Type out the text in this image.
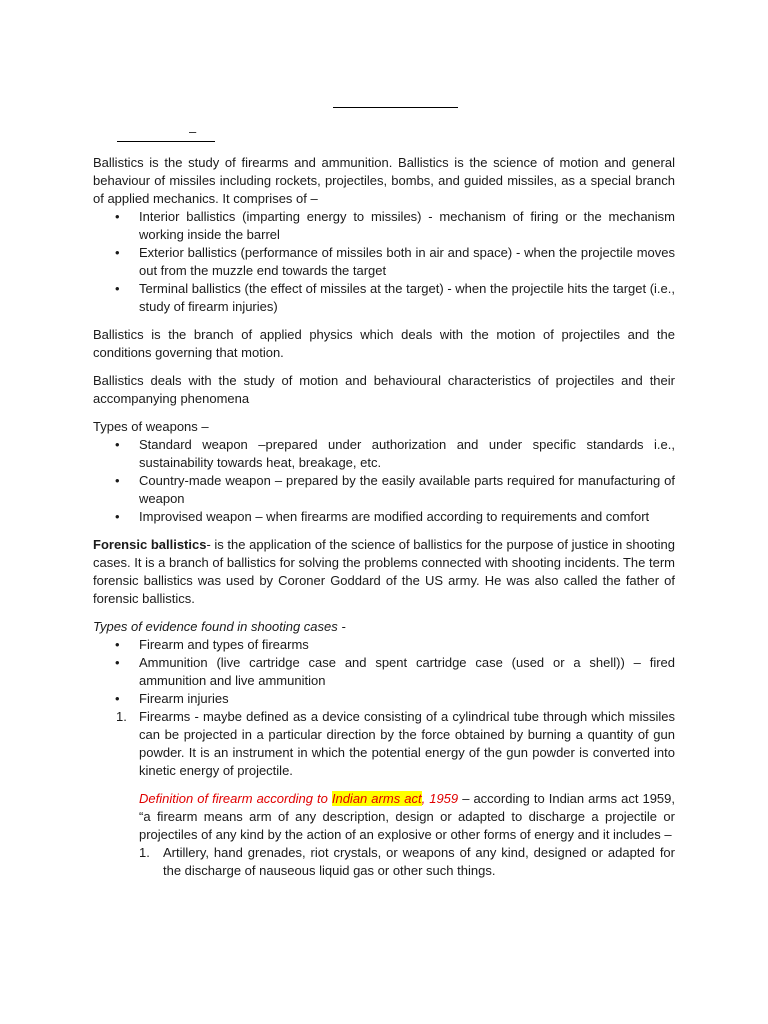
–

Ballistics is the study of firearms and ammunition. Ballistics is the science of motion and general behaviour of missiles including rockets, projectiles, bombs, and guided missiles, as a special branch of applied mechanics. It comprises of –

• Interior ballistics (imparting energy to missiles) - mechanism of firing or the mechanism working inside the barrel
• Exterior ballistics (performance of missiles both in air and space) - when the projectile moves out from the muzzle end towards the target
• Terminal ballistics (the effect of missiles at the target) - when the projectile hits the target (i.e., study of firearm injuries)

Ballistics is the branch of applied physics which deals with the motion of projectiles and the conditions governing that motion.

Ballistics deals with the study of motion and behavioural characteristics of projectiles and their accompanying phenomena

Types of weapons –

• Standard weapon –prepared under authorization and under specific standards i.e., sustainability towards heat, breakage, etc.
• Country-made weapon – prepared by the easily available parts required for manufacturing of weapon
• Improvised weapon – when firearms are modified according to requirements and comfort

Forensic ballistics- is the application of the science of ballistics for the purpose of justice in shooting cases. It is a branch of ballistics for solving the problems connected with shooting incidents. The term forensic ballistics was used by Coroner Goddard of the US army. He was also called the father of forensic ballistics.

Types of evidence found in shooting cases -

• Firearm and types of firearms
• Ammunition (live cartridge case and spent cartridge case (used or a shell)) – fired ammunition and live ammunition
• Firearm injuries
1. Firearms - maybe defined as a device consisting of a cylindrical tube through which missiles can be projected in a particular direction by the force obtained by burning a quantity of gun powder. It is an instrument in which the potential energy of the gun powder is converted into kinetic energy of projectile.

Definition of firearm according to Indian arms act, 1959 – according to Indian arms act 1959, “a firearm means arm of any description, design or adapted to discharge a projectile or projectiles of any kind by the action of an explosive or other forms of energy and it includes –

1. Artillery, hand grenades, riot crystals, or weapons of any kind, designed or adapted for the discharge of nauseous liquid gas or other such things.
